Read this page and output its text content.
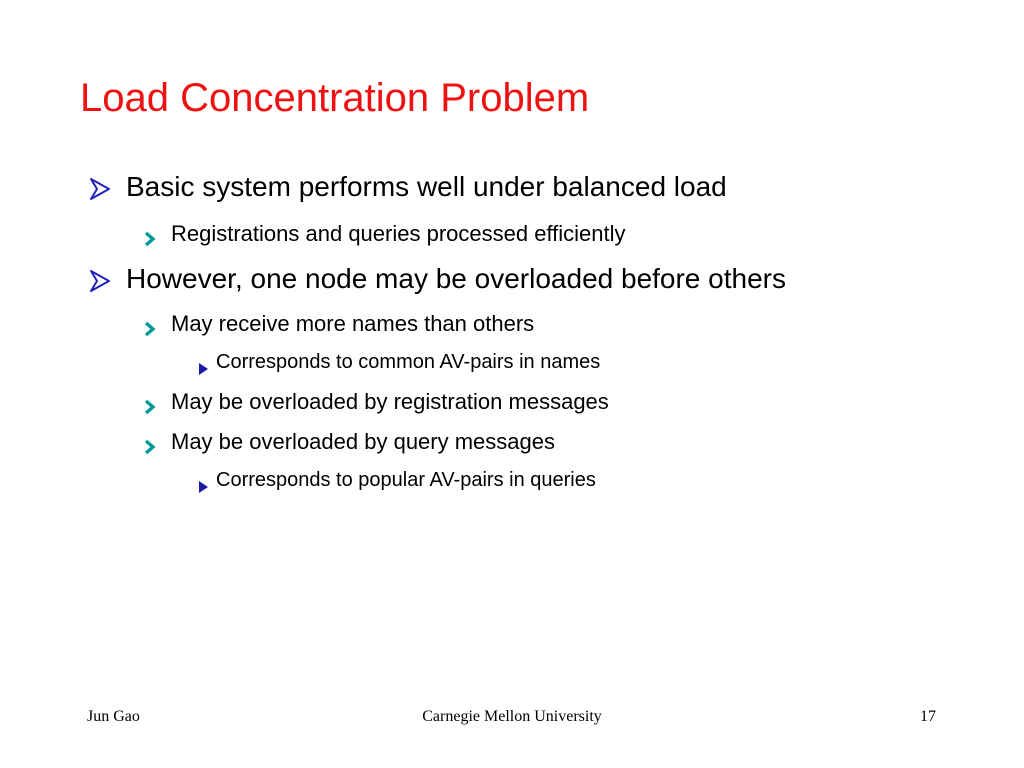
Load Concentration Problem
Basic system performs well under balanced load
Registrations and queries processed efficiently
However, one node may be overloaded before others
May receive more names than others
Corresponds to common AV-pairs in names
May be overloaded by registration messages
May be overloaded by query messages
Corresponds to popular AV-pairs in queries
Jun Gao	Carnegie Mellon University	17
